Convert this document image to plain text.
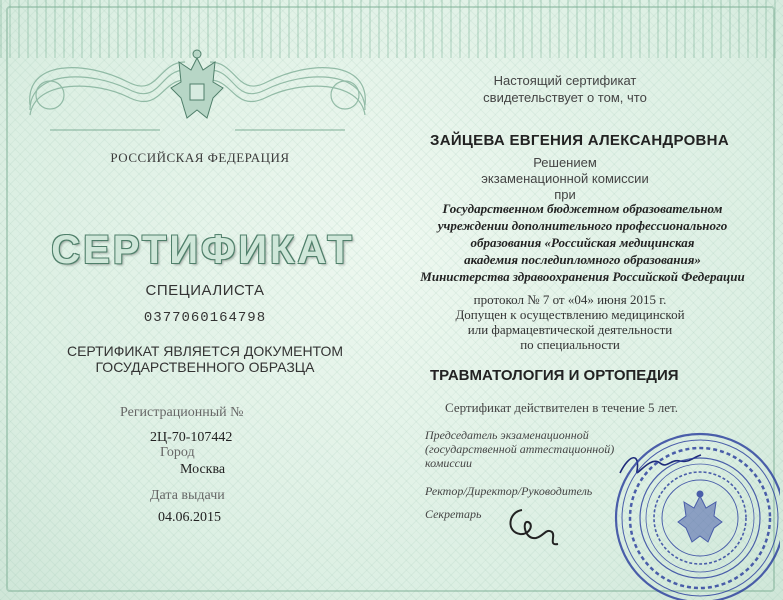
РОССИЙСКАЯ ФЕДЕРАЦИЯ
СЕРТИФИКАТ
СПЕЦИАЛИСТА
0377060164798
СЕРТИФИКАТ ЯВЛЯЕТСЯ ДОКУМЕНТОМ
ГОСУДАРСТВЕННОГО ОБРАЗЦА
Регистрационный №
2Ц-70-107442
Город
Москва
Дата выдачи
04.06.2015
Настоящий сертификат
свидетельствует о том, что
ЗАЙЦЕВА ЕВГЕНИЯ АЛЕКСАНДРОВНА
Решением
экзаменационной комиссии при
Государственном бюджетном образовательном
учреждении дополнительного профессионального
образования «Российская медицинская
академия последипломного образования»
Министерства здравоохранения Российской Федерации
протокол № 7 от «04» июня 2015 г.
Допущен к осуществлению медицинской
или фармацевтической деятельности
по специальности
ТРАВМАТОЛОГИЯ И ОРТОПЕДИЯ
Сертификат действителен в течение 5 лет.
Председатель экзаменационной
(государственной аттестационной)
комиссии
Ректор/Директор/Руководитель
Секретарь
